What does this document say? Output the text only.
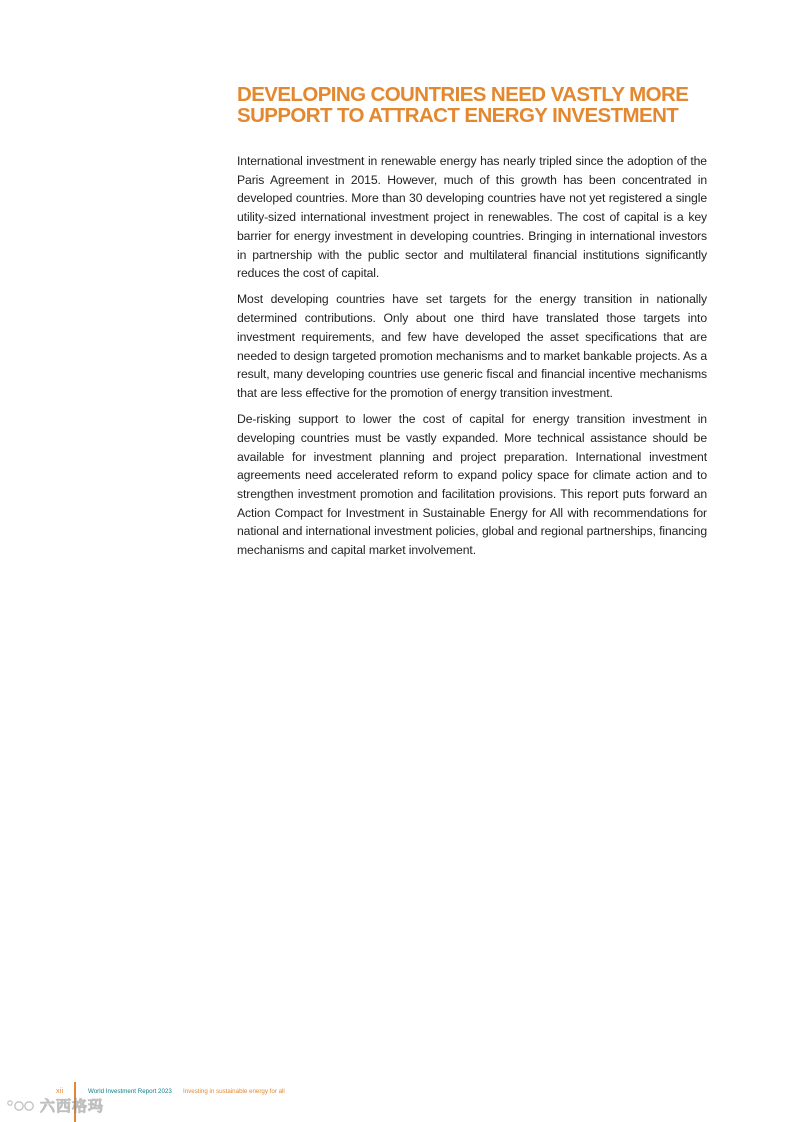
DEVELOPING COUNTRIES NEED VASTLY MORE SUPPORT TO ATTRACT ENERGY INVESTMENT

International investment in renewable energy has nearly tripled since the adoption of the Paris Agreement in 2015. However, much of this growth has been concentrated in developed countries. More than 30 developing countries have not yet registered a single utility-sized international investment project in renewables. The cost of capital is a key barrier for energy investment in developing countries. Bringing in international investors in partnership with the public sector and multilateral financial institutions significantly reduces the cost of capital.

Most developing countries have set targets for the energy transition in nationally determined contributions. Only about one third have translated those targets into investment requirements, and few have developed the asset specifications that are needed to design targeted promotion mechanisms and to market bankable projects. As a result, many developing countries use generic fiscal and financial incentive mechanisms that are less effective for the promotion of energy transition investment.

De-risking support to lower the cost of capital for energy transition investment in developing countries must be vastly expanded. More technical assistance should be available for investment planning and project preparation. International investment agreements need accelerated reform to expand policy space for climate action and to strengthen investment promotion and facilitation provisions. This report puts forward an Action Compact for Investment in Sustainable Energy for All with recommendations for national and international investment policies, global and regional partnerships, financing mechanisms and capital market involvement.

xii	World Investment Report 2023 Investing in sustainable energy for all
六西格玛
